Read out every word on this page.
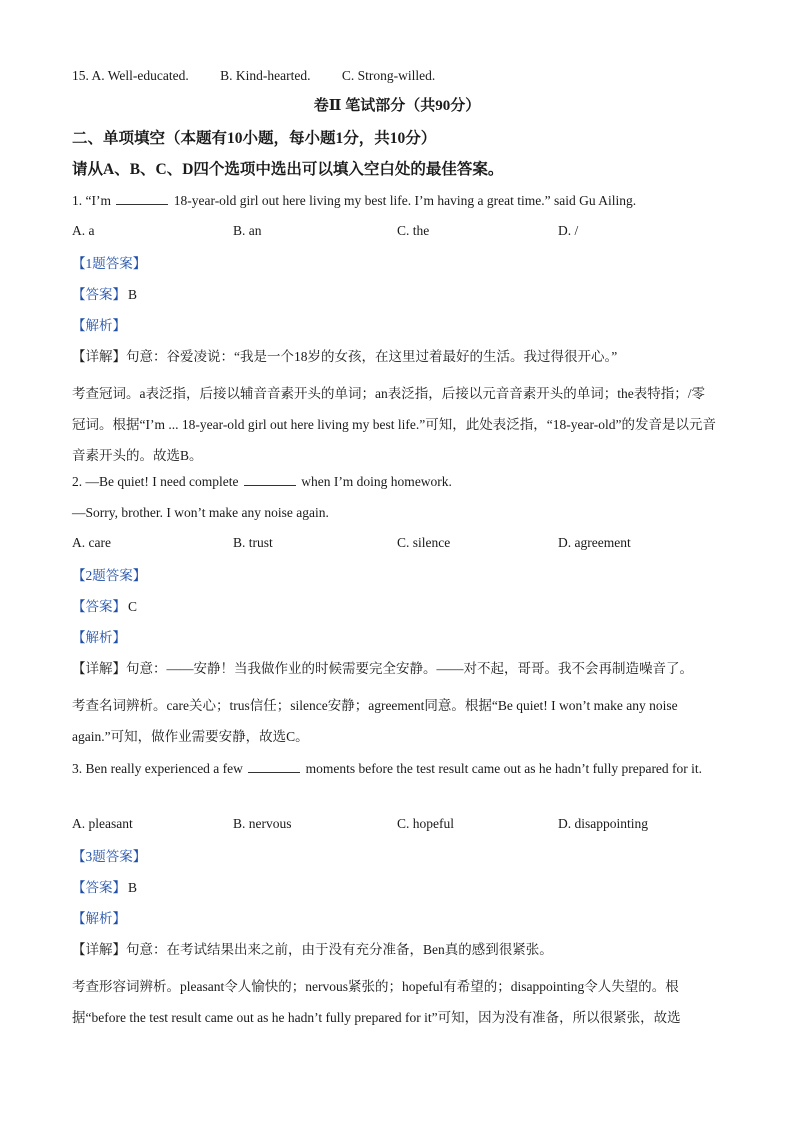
15. A. Well-educated. B. Kind-hearted. C. Strong-willed.
卷Ⅱ 笔试部分（共90分）
二、单项填空（本题有10小题，每小题1分，共10分）
请从A、B、C、D四个选项中选出可以填入空白处的最佳答案。
1. “I’m	18-year-old girl out here living my best life. I’m having a great time.” said Gu Ailing.
A. a	B. an	C. the	D. /
【1题答案】
【答案】 B
【解析】
【详解】句意：谷爱凌说：“我是一个18岁的女孩，在这里过着最好的生活。我过得很开心。”
考查冠词。a表泛指，后接以辅音音素开头的单词；an表泛指，后接以元音音素开头的单词；the表特指；/零冠词。根据“I’m ... 18-year-old girl out here living my best life.”可知，此处表泛指，“18-year-old”的发音是以元音音素开头的。故选B。
2. —Be quiet! I need complete	when I’m doing homework.
—Sorry, brother. I won’t make any noise again.
A. care	B. trust	C. silence	D. agreement
【2题答案】
【答案】 C
【解析】
【详解】句意：——安静！当我做作业的时候需要完全安静。——对不起，哥哥。我不会再制造噪音了。
考查名词辨析。care关心；trus信任；silence安静；agreement同意。根据“Be quiet! I won’t make any noise again.”可知，做作业需要安静，故选C。
3. Ben really experienced a few	moments before the test result came out as he hadn’t fully prepared for it.
A. pleasant	B. nervous	C. hopeful	D. disappointing
【3题答案】
【答案】 B
【解析】
【详解】句意：在考试结果出来之前，由于没有充分准备，Ben真的感到很紧张。
考查形容词辨析。pleasant令人愉快的；nervous紧张的；hopeful有希望的；disappointing令人失望的。根据“before the test result came out as he hadn’t fully prepared for it”可知，因为没有准备，所以很紧张，故选
